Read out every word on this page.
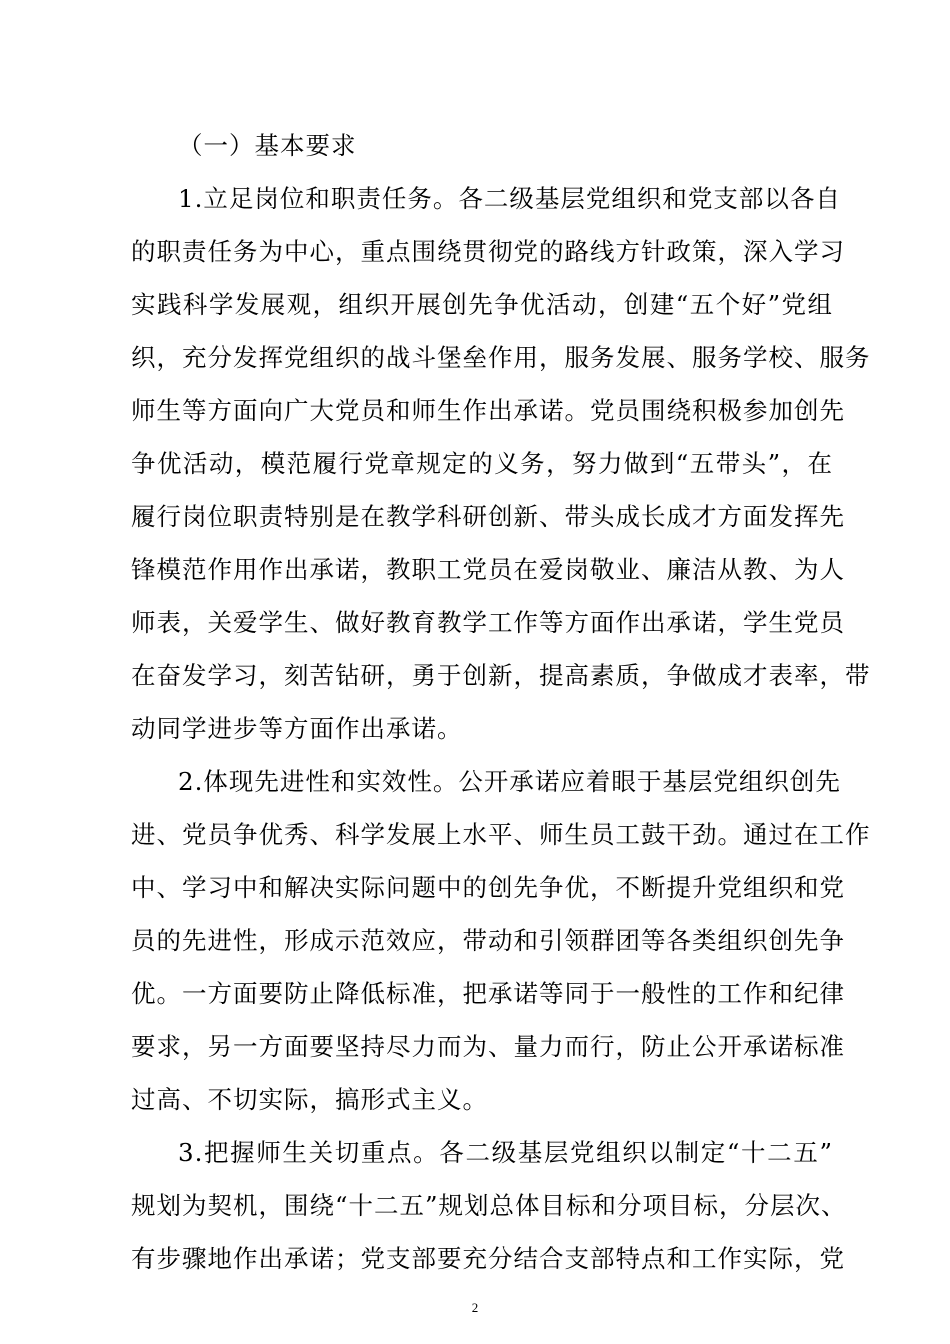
（一）基本要求
1.立足岗位和职责任务。各二级基层党组织和党支部以各自
的职责任务为中心，重点围绕贯彻党的路线方针政策，深入学习
实践科学发展观，组织开展创先争优活动，创建“五个好”党组
织，充分发挥党组织的战斗堡垒作用，服务发展、服务学校、服务
师生等方面向广大党员和师生作出承诺。党员围绕积极参加创先
争优活动，模范履行党章规定的义务，努力做到“五带头”，在
履行岗位职责特别是在教学科研创新、带头成长成才方面发挥先
锋模范作用作出承诺，教职工党员在爱岗敬业、廉洁从教、为人
师表，关爱学生、做好教育教学工作等方面作出承诺，学生党员
在奋发学习，刻苦钻研，勇于创新，提高素质，争做成才表率，带
动同学进步等方面作出承诺。
2.体现先进性和实效性。公开承诺应着眼于基层党组织创先
进、党员争优秀、科学发展上水平、师生员工鼓干劲。通过在工作
中、学习中和解决实际问题中的创先争优，不断提升党组织和党
员的先进性，形成示范效应，带动和引领群团等各类组织创先争
优。一方面要防止降低标准，把承诺等同于一般性的工作和纪律
要求，另一方面要坚持尽力而为、量力而行，防止公开承诺标准
过高、不切实际，搞形式主义。
3.把握师生关切重点。各二级基层党组织以制定“十二五”
规划为契机，围绕“十二五”规划总体目标和分项目标，分层次、
有步骤地作出承诺；党支部要充分结合支部特点和工作实际，党
2
